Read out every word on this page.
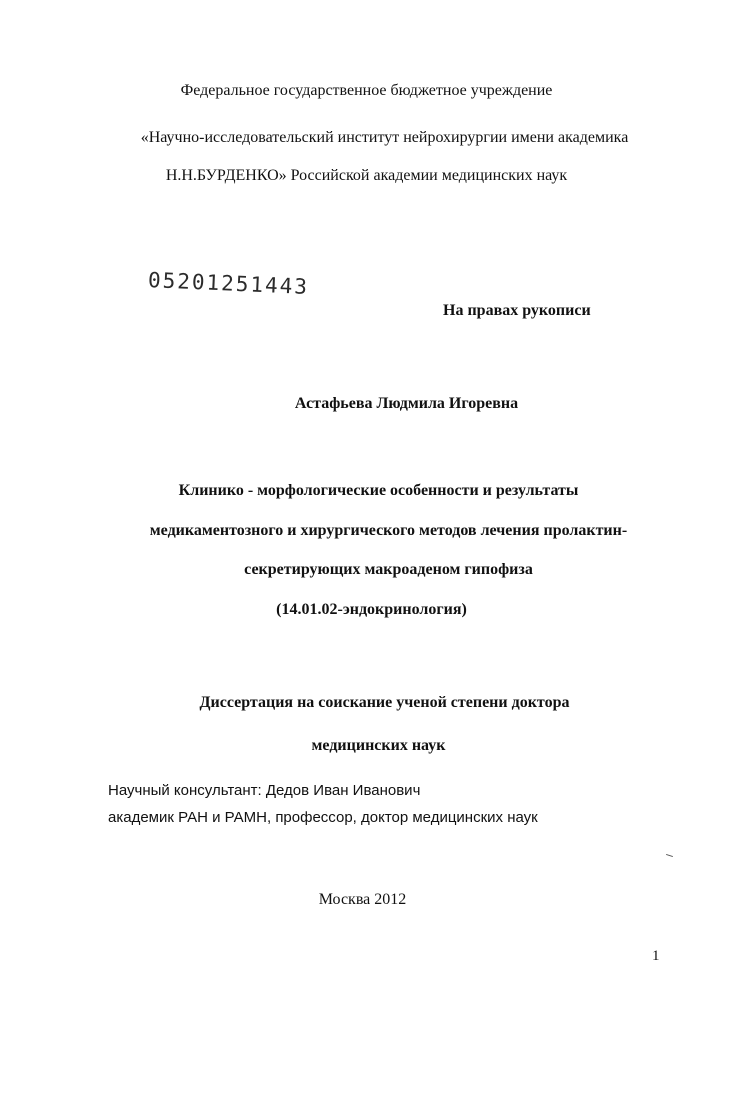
Федеральное государственное бюджетное учреждение
«Научно-исследовательский институт нейрохирургии имени академика
Н.Н.БУРДЕНКО» Российской академии медицинских наук
05201251443
На правах рукописи
Астафьева Людмила Игоревна
Клинико - морфологические особенности и результаты
медикаментозного и хирургического методов лечения пролактин-
секретирующих макроаденом гипофиза
(14.01.02-эндокринология)
Диссертация на соискание ученой степени доктора
медицинских наук
Научный консультант: Дедов Иван Иванович
академик РАН и РАМН, профессор, доктор медицинских наук
Москва 2012
1
